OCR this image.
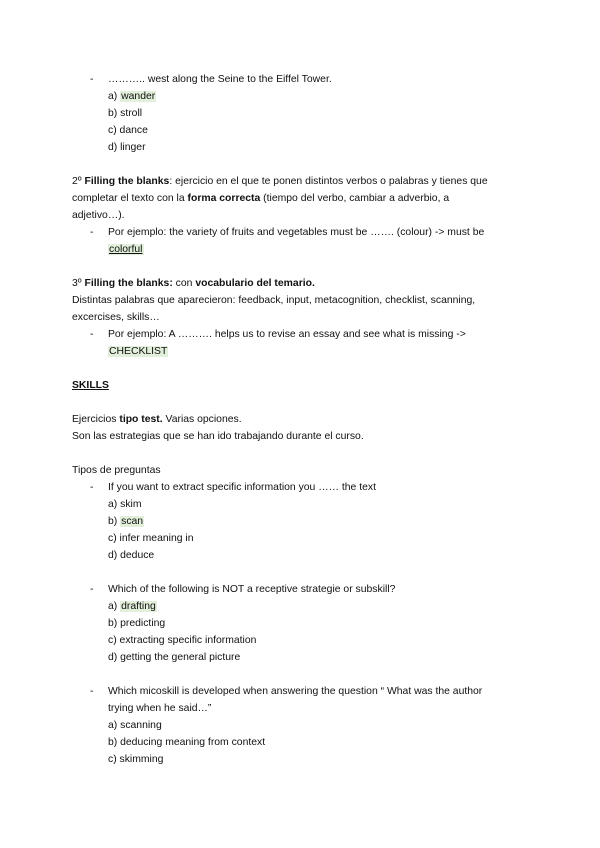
- ……….. west along the Seine to the Eiffel Tower.
a) wander
b) stroll
c) dance
d) linger
2º Filling the blanks: ejercicio en el que te ponen distintos verbos o palabras y tienes que
completar el texto con la forma correcta (tiempo del verbo, cambiar a adverbio, a
adjetivo…).
- Por ejemplo: the variety of fruits and vegetables must be ……. (colour) -> must be
colorful
3º Filling the blanks: con vocabulario del temario.
Distintas palabras que aparecieron: feedback, input, metacognition, checklist, scanning,
excercises, skills…
- Por ejemplo: A ………. helps us to revise an essay and see what is missing ->
CHECKLIST
SKILLS
Ejercicios tipo test. Varias opciones.
Son las estrategias que se han ido trabajando durante el curso.
Tipos de preguntas
- If you want to extract specific information you …… the text
a) skim
b) scan
c) infer meaning in
d) deduce
- Which of the following is NOT a receptive strategie or subskill?
a) drafting
b) predicting
c) extracting specific information
d) getting the general picture
- Which micoskill is developed when answering the question “ What was the author
trying when he said…”
a) scanning
b) deducing meaning from context
c) skimming
